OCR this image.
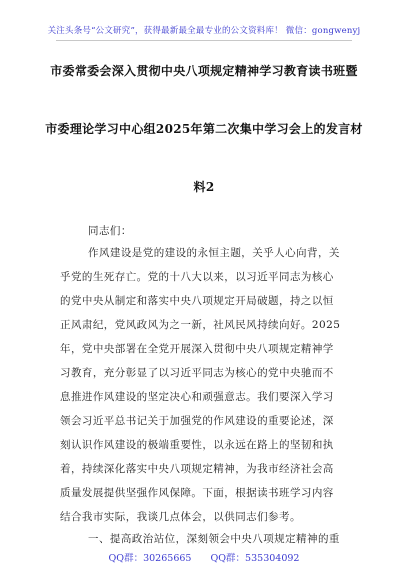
关注头条号“公文研究”，获得最新最全最专业的公文资料库！ 微信：gongwenyj
市委常委会深入贯彻中央八项规定精神学习教育读书班暨
市委理论学习中心组2025年第二次集中学习会上的发言材
料2
同志们：
作风建设是党的建设的永恒主题，关乎人心向背，关
乎党的生死存亡。党的十八大以来，以习近平同志为核心
的党中央从制定和落实中央八项规定开局破题，持之以恒
正风肃纪，党风政风为之一新，社风民风持续向好。2025
年，党中央部署在全党开展深入贯彻中央八项规定精神学
习教育，充分彰显了以习近平同志为核心的党中央驰而不
息推进作风建设的坚定决心和顽强意志。我们要深入学习
领会习近平总书记关于加强党的作风建设的重要论述，深
刻认识作风建设的极端重要性，以永远在路上的坚韧和执
着，持续深化落实中央八项规定精神，为我市经济社会高
质量发展提供坚强作风保障。下面，根据读书班学习内容
结合我市实际，我谈几点体会，以供同志们参考。
一、提高政治站位，深刻领会中央八项规定精神的重
QQ群：30265665 QQ群：535304092
